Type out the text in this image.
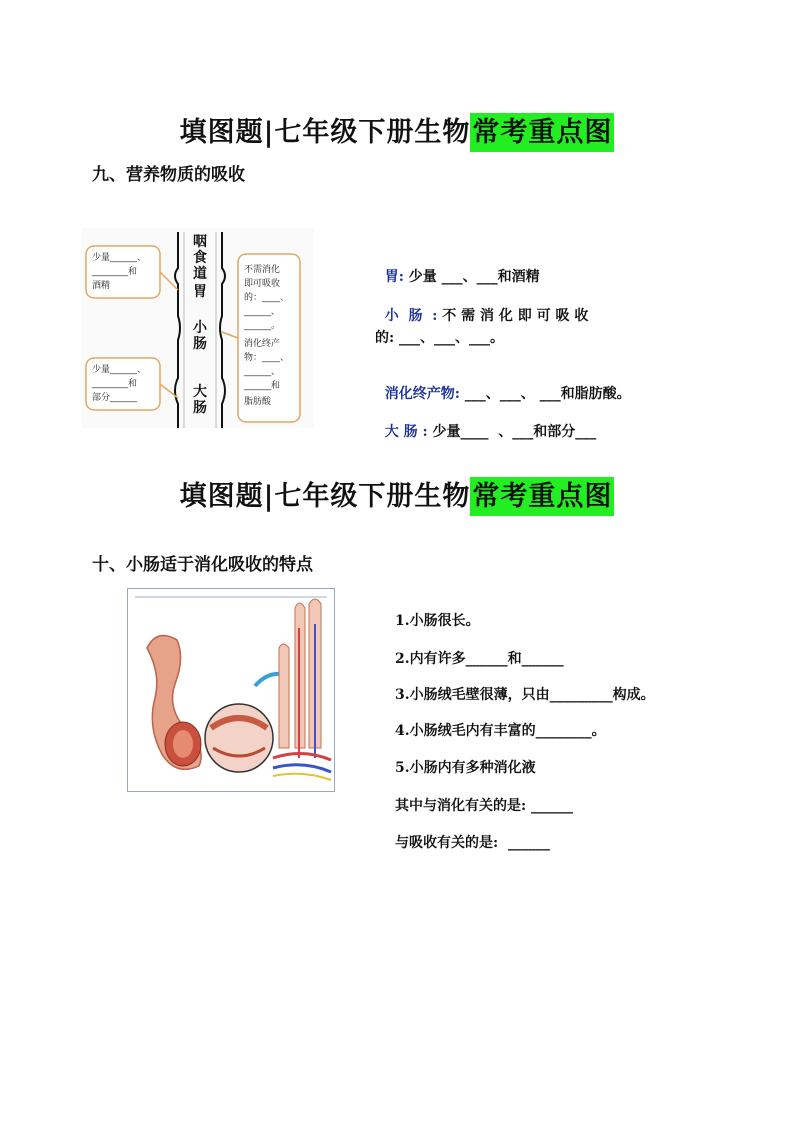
填图题|七年级下册生物常考重点图
九、营养物质的吸收
咽
食
道
胃
小
肠
大
肠
少量______、
________和
酒精
少量______、
________和
部分______
不需消化
即可吸收
的：____、
______、
______。
消化终产
物：____、
______、
______和
脂肪酸

胃: 少量 ___、___和酒精

小  肠  : 不 需 消 化 即 可 吸 收

的: ___、___、___。

消化终产物: ___、___、 ___和脂肪酸。

大 肠 : 少量____  、___和部分___

填图题|七年级下册生物常考重点图
十、小肠适于消化吸收的特点
1.小肠很长。
2.内有许多______和______
3.小肠绒毛壁很薄，只由_________构成。
4.小肠绒毛内有丰富的________。
5.小肠内有多种消化液
其中与消化有关的是: ______
与吸收有关的是:  ______
